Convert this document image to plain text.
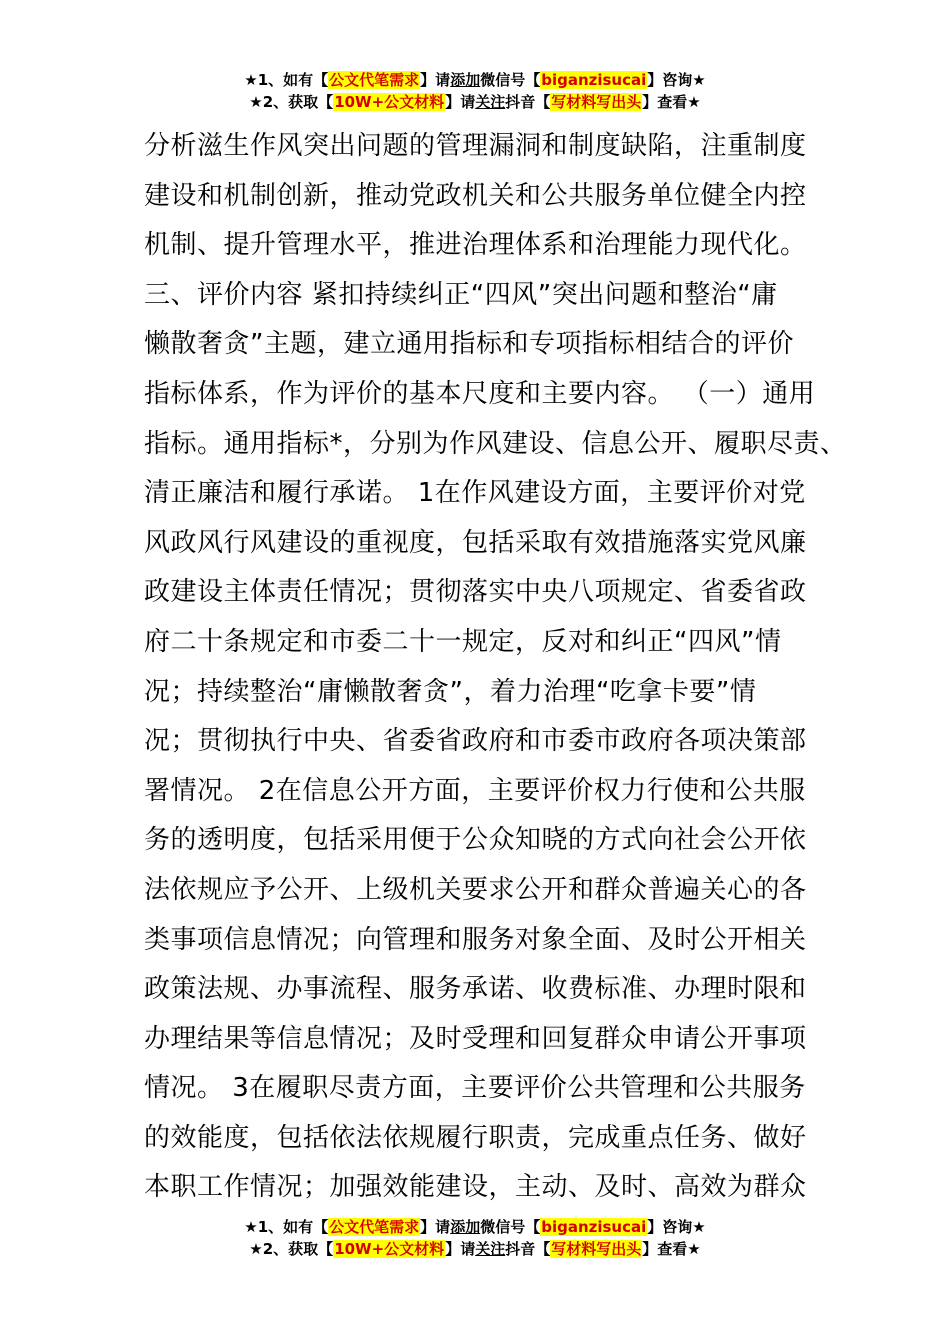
★1、如有【公文代笔需求】请添加微信号【biganzisucai】咨询★
★2、获取【10W+公文材料】请关注抖音【写材料写出头】查看★
分析滋生作风突出问题的管理漏洞和制度缺陷，注重制度
建设和机制创新，推动党政机关和公共服务单位健全内控
机制、提升管理水平，推进治理体系和治理能力现代化。
三、评价内容 紧扣持续纠正“四风”突出问题和整治“庸
懒散奢贪”主题，建立通用指标和专项指标相结合的评价
指标体系，作为评价的基本尺度和主要内容。 （一）通用
指标。通用指标*，分别为作风建设、信息公开、履职尽责、
清正廉洁和履行承诺。 1在作风建设方面，主要评价对党
风政风行风建设的重视度，包括采取有效措施落实党风廉
政建设主体责任情况；贯彻落实中央八项规定、省委省政
府二十条规定和市委二十一规定，反对和纠正“四风”情
况；持续整治“庸懒散奢贪”，着力治理“吃拿卡要”情
况；贯彻执行中央、省委省政府和市委市政府各项决策部
署情况。 2在信息公开方面，主要评价权力行使和公共服
务的透明度，包括采用便于公众知晓的方式向社会公开依
法依规应予公开、上级机关要求公开和群众普遍关心的各
类事项信息情况；向管理和服务对象全面、及时公开相关
政策法规、办事流程、服务承诺、收费标准、办理时限和
办理结果等信息情况；及时受理和回复群众申请公开事项
情况。 3在履职尽责方面，主要评价公共管理和公共服务
的效能度，包括依法依规履行职责，完成重点任务、做好
本职工作情况；加强效能建设，主动、及时、高效为群众
★1、如有【公文代笔需求】请添加微信号【biganzisucai】咨询★
★2、获取【10W+公文材料】请关注抖音【写材料写出头】查看★
